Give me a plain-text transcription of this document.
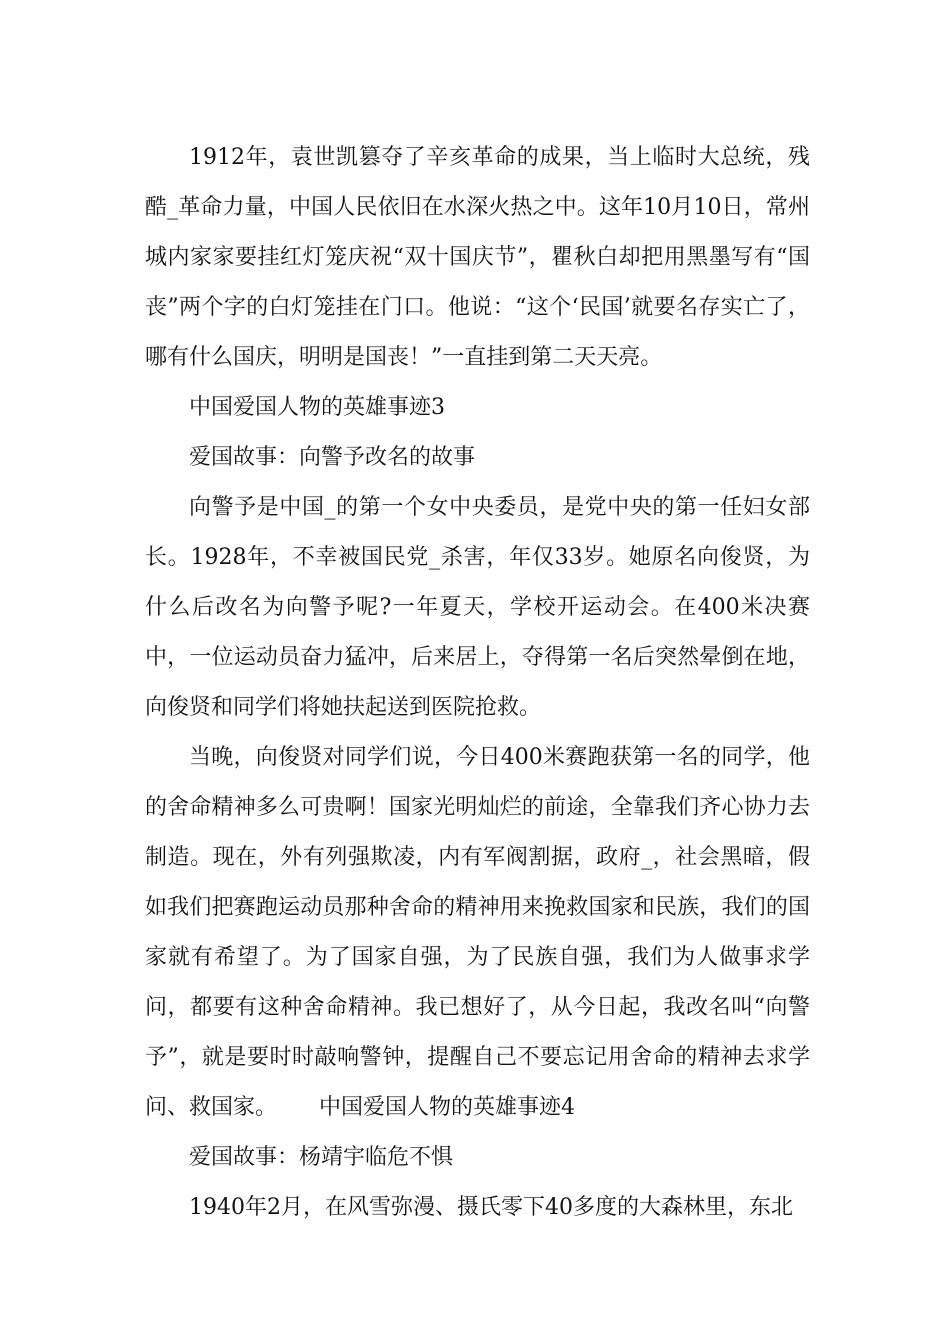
1912年，袁世凯篡夺了辛亥革命的成果，当上临时大总统，残酷_革命力量，中国人民依旧在水深火热之中。这年10月10日，常州城内家家要挂红灯笼庆祝“双十国庆节”，瞿秋白却把用黑墨写有“国丧”两个字的白灯笼挂在门口。他说：“这个‘民国’就要名存实亡了，哪有什么国庆，明明是国丧！”一直挂到第二天天亮。

中国爱国人物的英雄事迹3

爱国故事：向警予改名的故事

向警予是中国_的第一个女中央委员，是党中央的第一任妇女部长。1928年，不幸被国民党_杀害，年仅33岁。她原名向俊贤，为什么后改名为向警予呢?一年夏天，学校开运动会。在400米决赛中，一位运动员奋力猛冲，后来居上，夺得第一名后突然晕倒在地，向俊贤和同学们将她扶起送到医院抢救。

当晚，向俊贤对同学们说，今日400米赛跑获第一名的同学，他的舍命精神多么可贵啊！国家光明灿烂的前途，全靠我们齐心协力去制造。现在，外有列强欺凌，内有军阀割据，政府_，社会黑暗，假如我们把赛跑运动员那种舍命的精神用来挽救国家和民族，我们的国家就有希望了。为了国家自强，为了民族自强，我们为人做事求学问，都要有这种舍命精神。我已想好了，从今日起，我改名叫“向警予”，就是要时时敲响警钟，提醒自己不要忘记用舍命的精神去求学问、救国家。      中国爱国人物的英雄事迹4

爱国故事：杨靖宇临危不惧

1940年2月，在风雪弥漫、摄氏零下40多度的大森林里，东北
